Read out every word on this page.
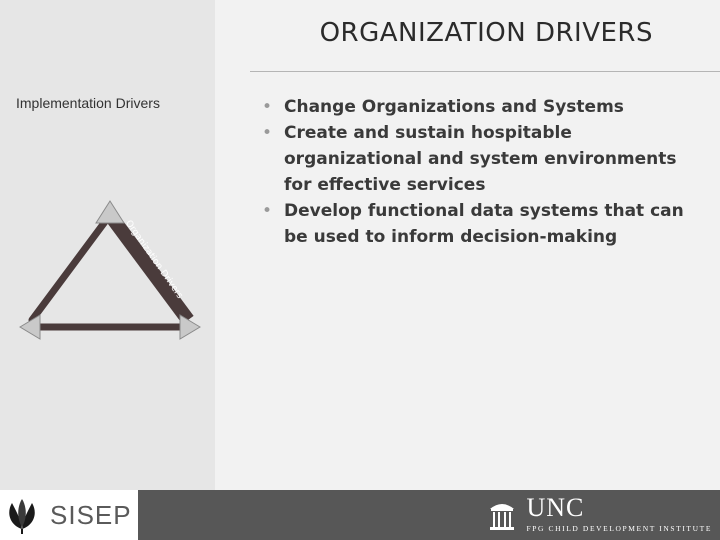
ORGANIZATION DRIVERS
Implementation Drivers	• Change Organizations and Systems
• Create and sustain hospitable organizational and system environments for effective services
• Develop functional data systems that can be used to inform decision-making
Organization Drivers
SISEP	UNC
FPG CHILD DEVELOPMENT INSTITUTE
